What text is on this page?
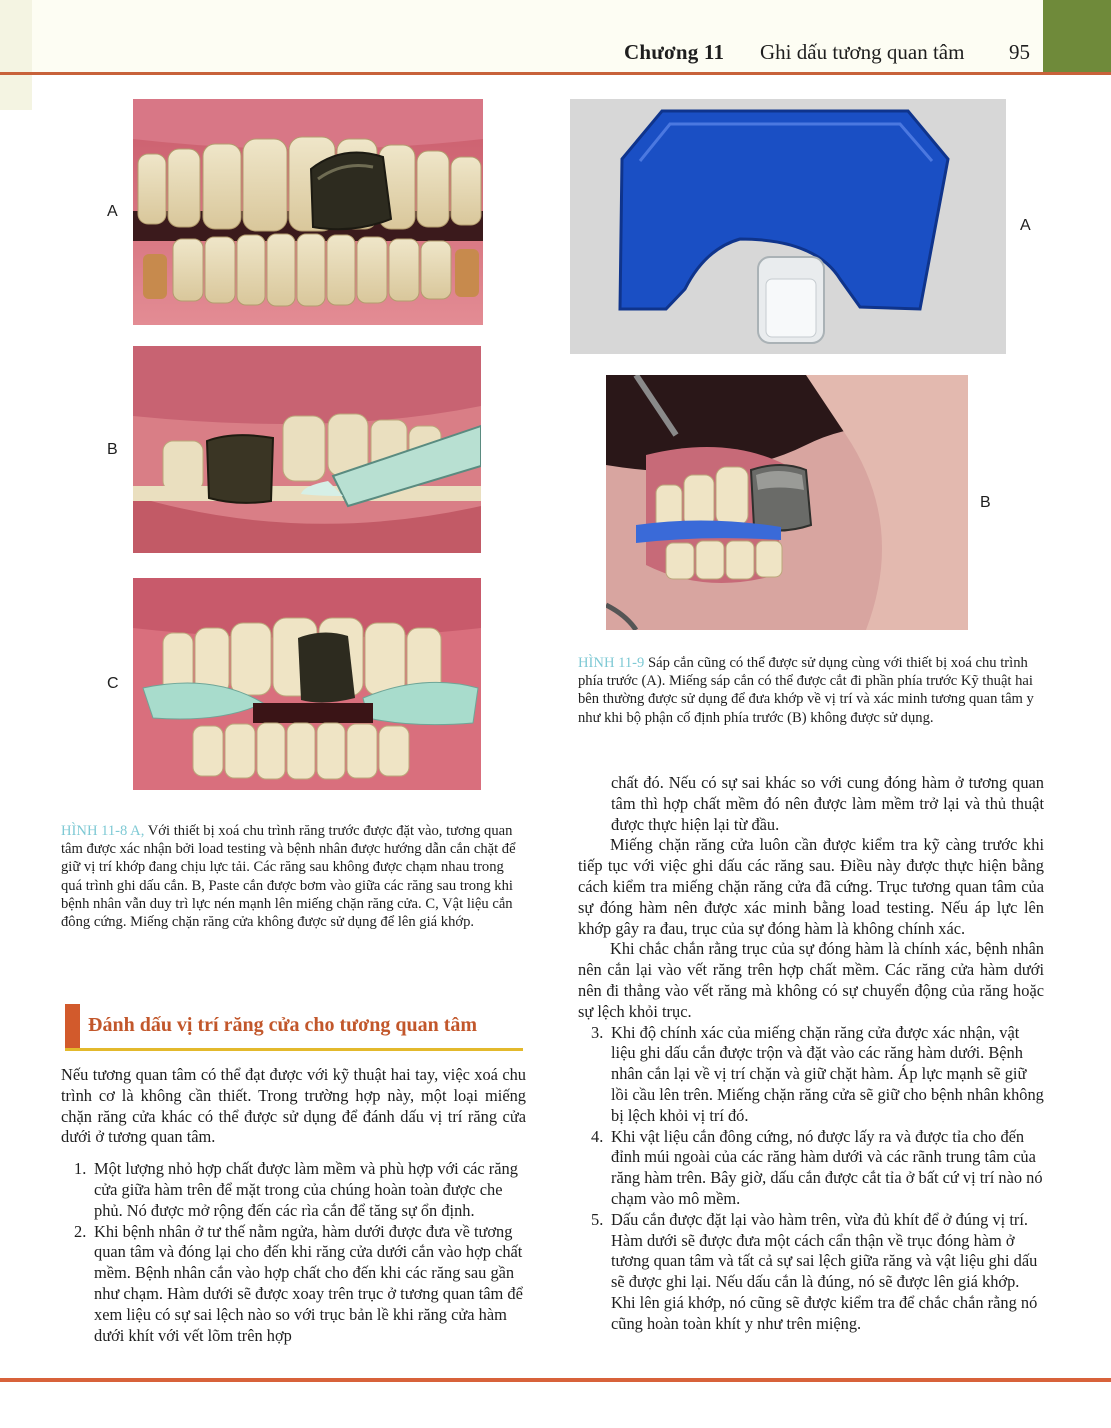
Chương 11 Ghi dấu tương quan tâm 95
A
B
C
HÌNH 11-8 A, Với thiết bị xoá chu trình răng trước được đặt vào, tương quan tâm được xác nhận bởi load testing và bệnh nhân được hướng dẫn cắn chặt để giữ vị trí khớp đang chịu lực tải. Các răng sau không được chạm nhau trong quá trình ghi dấu cắn. B, Paste cắn được bơm vào giữa các răng sau trong khi bệnh nhân vẫn duy trì lực nén mạnh lên miếng chặn răng cửa. C, Vật liệu cắn đông cứng. Miếng chặn răng cửa không được sử dụng để lên giá khớp.
A
B
HÌNH 11-9 Sáp cắn cũng có thể được sử dụng cùng với thiết bị xoá chu trình phía trước (A). Miếng sáp cắn có thể được cắt đi phần phía trước Kỹ thuật hai bên thường được sử dụng để đưa khớp về vị trí và xác minh tương quan tâm y như khi bộ phận cố định phía trước (B) không được sử dụng.
Đánh dấu vị trí răng cửa cho tương quan tâm

Nếu tương quan tâm có thể đạt được với kỹ thuật hai tay, việc xoá chu trình cơ là không cần thiết. Trong trường hợp này, một loại miếng chặn răng cửa khác có thể được sử dụng để đánh dấu vị trí răng cửa dưới ở tương quan tâm.

1. Một lượng nhỏ hợp chất được làm mềm và phù hợp với các răng cửa giữa hàm trên để mặt trong của chúng hoàn toàn được che phủ. Nó được mở rộng đến các rìa cắn để tăng sự ổn định.
2. Khi bệnh nhân ở tư thế nằm ngửa, hàm dưới được đưa về tương quan tâm và đóng lại cho đến khi răng cửa dưới cắn vào hợp chất mềm. Bệnh nhân cắn vào hợp chất cho đến khi các răng sau gần như chạm. Hàm dưới sẽ được xoay trên trục ở tương quan tâm để xem liệu có sự sai lệch nào so với trục bản lề khi răng cửa hàm dưới khít với vết lõm trên hợp

chất đó. Nếu có sự sai khác so với cung đóng hàm ở tương quan tâm thì hợp chất mềm đó nên được làm mềm trở lại và thủ thuật được thực hiện lại từ đầu.

Miếng chặn răng cửa luôn cần được kiểm tra kỹ càng trước khi tiếp tục với việc ghi dấu các răng sau. Điều này được thực hiện bằng cách kiểm tra miếng chặn răng cửa đã cứng. Trục tương quan tâm của sự đóng hàm nên được xác minh bằng load testing. Nếu áp lực lên khớp gây ra đau, trục của sự đóng hàm là không chính xác.

Khi chắc chắn rằng trục của sự đóng hàm là chính xác, bệnh nhân nên cắn lại vào vết răng trên hợp chất mềm. Các răng cửa hàm dưới nên đi thẳng vào vết răng mà không có sự chuyển động của răng hoặc sự lệch khỏi trục.

3. Khi độ chính xác của miếng chặn răng cửa được xác nhận, vật liệu ghi dấu cắn được trộn và đặt vào các răng hàm dưới. Bệnh nhân cắn lại về vị trí chặn và giữ chặt hàm. Áp lực mạnh sẽ giữ lồi cầu lên trên. Miếng chặn răng cửa sẽ giữ cho bệnh nhân không bị lệch khỏi vị trí đó.
4. Khi vật liệu cắn đông cứng, nó được lấy ra và được tỉa cho đến đỉnh múi ngoài của các răng hàm dưới và các rãnh trung tâm của răng hàm trên. Bây giờ, dấu cắn được cắt tỉa ở bất cứ vị trí nào nó chạm vào mô mềm.
5. Dấu cắn được đặt lại vào hàm trên, vừa đủ khít để ở đúng vị trí. Hàm dưới sẽ được đưa một cách cẩn thận về trục đóng hàm ở tương quan tâm và tất cả sự sai lệch giữa răng và vật liệu ghi dấu sẽ được ghi lại. Nếu dấu cắn là đúng, nó sẽ được lên giá khớp. Khi lên giá khớp, nó cũng sẽ được kiểm tra để chắc chắn rằng nó cũng hoàn toàn khít y như trên miệng.
